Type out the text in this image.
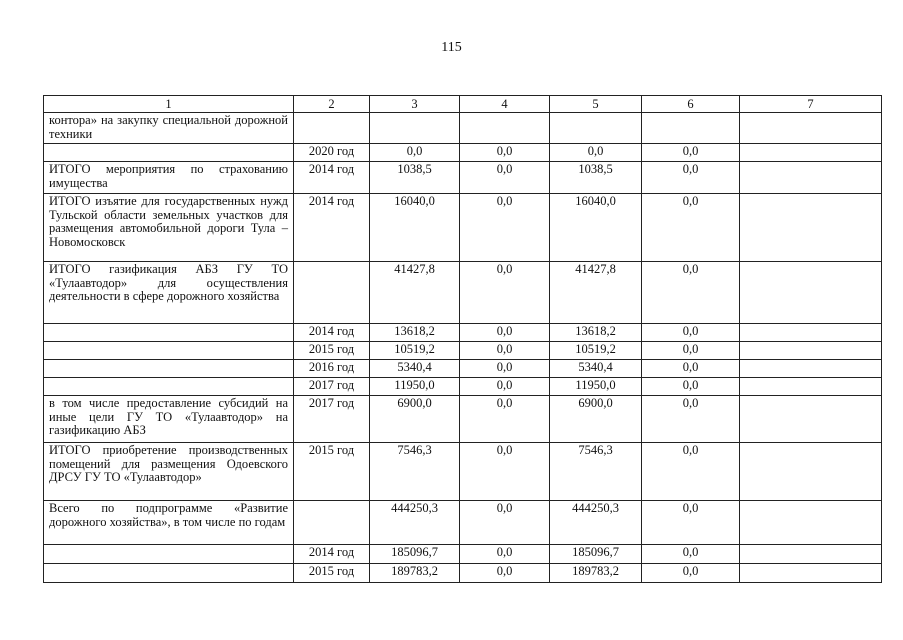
115
1	2	3	4	5	6	7
контора» на закупку специальной дорожной техники						
	2020 год	0,0	0,0	0,0	0,0	
ИТОГО мероприятия по страхованию имущества	2014 год	1038,5	0,0	1038,5	0,0	
ИТОГО изъятие для государственных нужд Тульской области земельных участков для размещения автомобильной дороги Тула – Новомосковск	2014 год	16040,0	0,0	16040,0	0,0	
ИТОГО газификация АБЗ ГУ ТО «Тулаавтодор» для осуществления деятельности в сфере дорожного хозяйства		41427,8	0,0	41427,8	0,0	
	2014 год	13618,2	0,0	13618,2	0,0	
	2015 год	10519,2	0,0	10519,2	0,0	
	2016 год	5340,4	0,0	5340,4	0,0	
	2017 год	11950,0	0,0	11950,0	0,0	
в том числе предоставление субсидий на иные цели ГУ ТО «Тулаавтодор» на газификацию АБЗ	2017 год	6900,0	0,0	6900,0	0,0	
ИТОГО приобретение производственных помещений для размещения Одоевского ДРСУ ГУ ТО «Тулаавтодор»	2015 год	7546,3	0,0	7546,3	0,0	
Всего по подпрограмме «Развитие дорожного хозяйства», в том числе по годам		444250,3	0,0	444250,3	0,0	
	2014 год	185096,7	0,0	185096,7	0,0	
	2015 год	189783,2	0,0	189783,2	0,0	
